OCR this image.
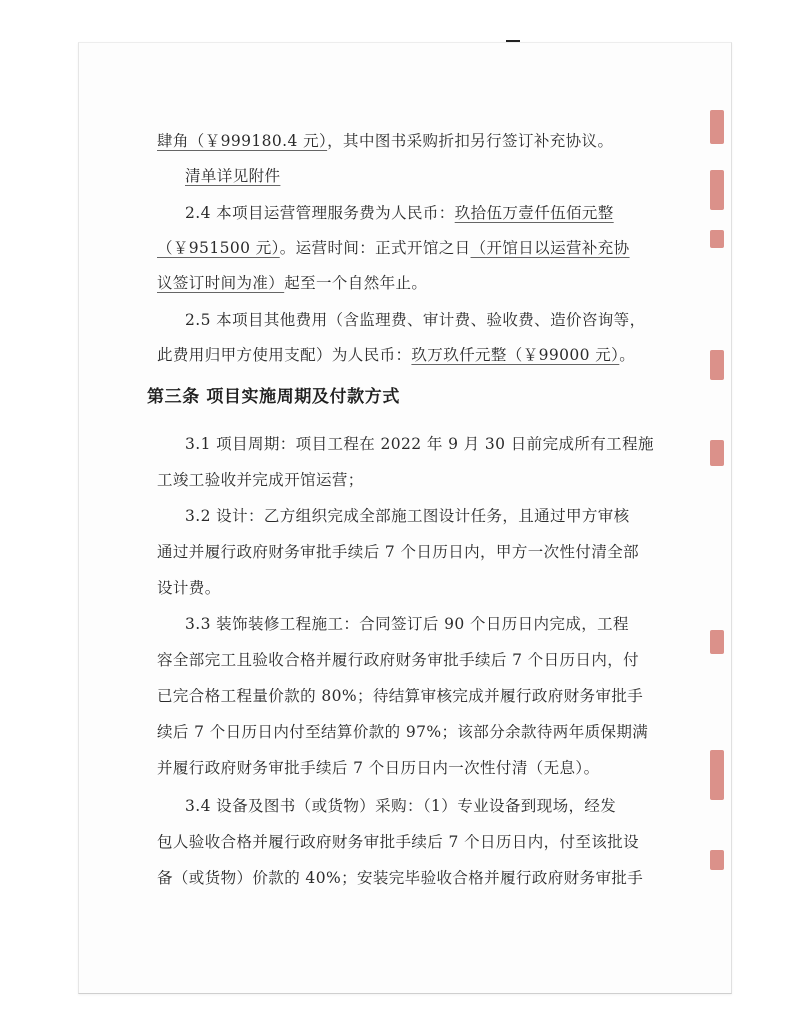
肆角（￥999180.4 元），其中图书采购折扣另行签订补充协议。
清单详见附件
2.4 本项目运营管理服务费为人民币：玖拾伍万壹仟伍佰元整
（￥951500 元）。运营时间：正式开馆之日（开馆日以运营补充协
议签订时间为准）起至一个自然年止。
2.5 本项目其他费用（含监理费、审计费、验收费、造价咨询等，
此费用归甲方使用支配）为人民币：玖万玖仟元整（￥99000 元）。
第三条 项目实施周期及付款方式
3.1 项目周期：项目工程在 2022 年 9 月 30 日前完成所有工程施
工竣工验收并完成开馆运营；
3.2 设计：乙方组织完成全部施工图设计任务，且通过甲方审核
通过并履行政府财务审批手续后 7 个日历日内，甲方一次性付清全部
设计费。
3.3 装饰装修工程施工：合同签订后 90 个日历日内完成，工程
容全部完工且验收合格并履行政府财务审批手续后 7 个日历日内，付
已完合格工程量价款的 80%；待结算审核完成并履行政府财务审批手
续后 7 个日历日内付至结算价款的 97%；该部分余款待两年质保期满
并履行政府财务审批手续后 7 个日历日内一次性付清（无息）。
3.4 设备及图书（或货物）采购：（1）专业设备到现场，经发
包人验收合格并履行政府财务审批手续后 7 个日历日内，付至该批设
备（或货物）价款的 40%；安装完毕验收合格并履行政府财务审批手
